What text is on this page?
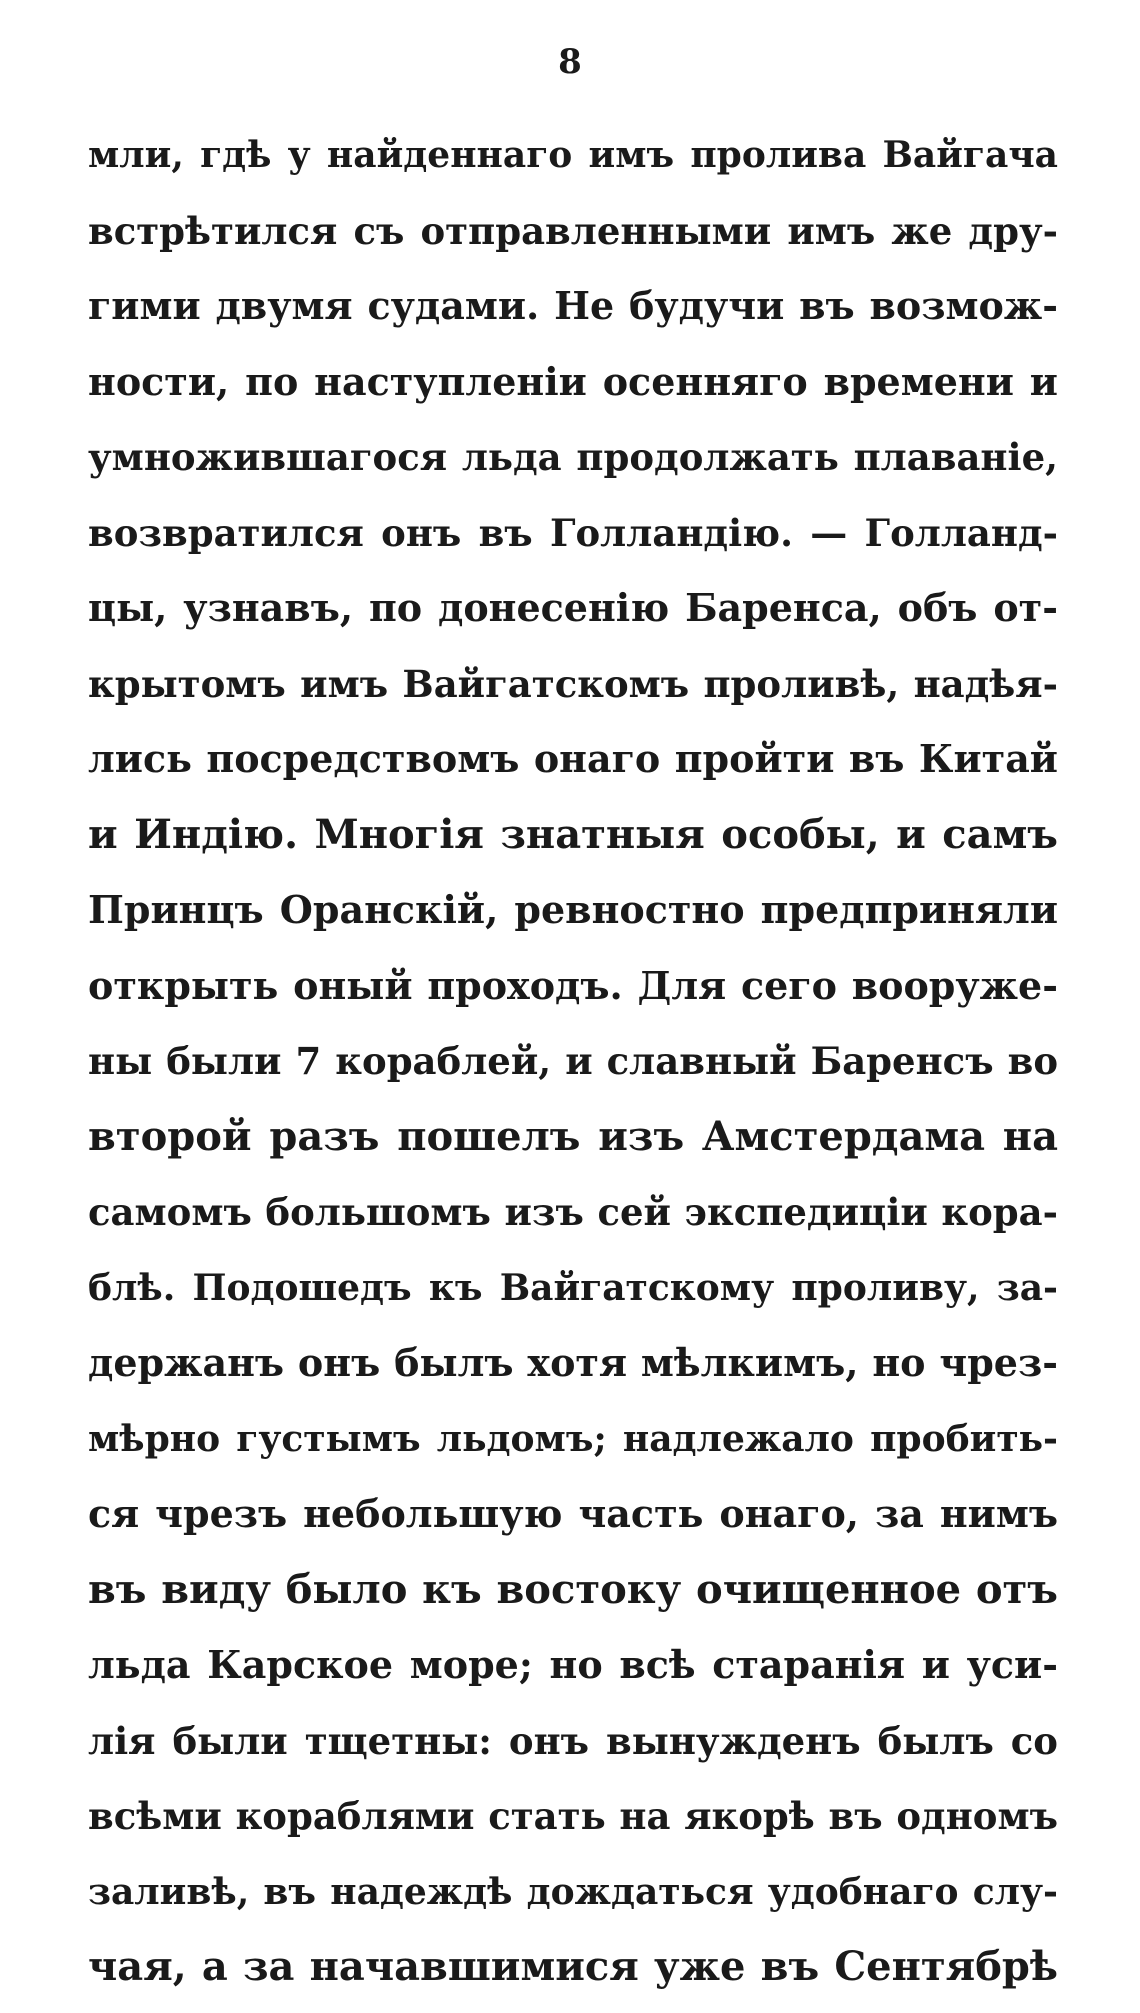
8
мли, гдѣ у найденнаго имъ пролива Вайгача
встрѣтился съ отправленными имъ же дру-
гими двумя судами. Не будучи въ возмож-
ности, по наступленіи осенняго времени и
умножившагося льда продолжать плаваніе,
возвратился онъ въ Голландію. — Голланд-
цы, узнавъ, по донесенію Баренса, объ от-
крытомъ имъ Вайгатскомъ проливѣ, надѣя-
лись посредствомъ онаго пройти въ Китай
и Индію. Многія знатныя особы, и самъ
Принцъ Оранскій, ревностно предприняли
открыть оный проходъ. Для сего вооруже-
ны были 7 кораблей, и славный Баренсъ во
второй разъ пошелъ изъ Амстердама на
самомъ большомъ изъ сей экспедиціи кора-
блѣ. Подошедъ къ Вайгатскому проливу, за-
держанъ онъ былъ хотя мѣлкимъ, но чрез-
мѣрно густымъ льдомъ; надлежало пробить-
ся чрезъ небольшую часть онаго, за нимъ
въ виду было къ востоку очищенное отъ
льда Карское море; но всѣ старанія и уси-
лія были тщетны: онъ вынужденъ былъ со
всѣми кораблями стать на якорѣ въ одномъ
заливѣ, въ надеждѣ дождаться удобнаго слу-
чая, а за начавшимися уже въ Сентябрѣ
